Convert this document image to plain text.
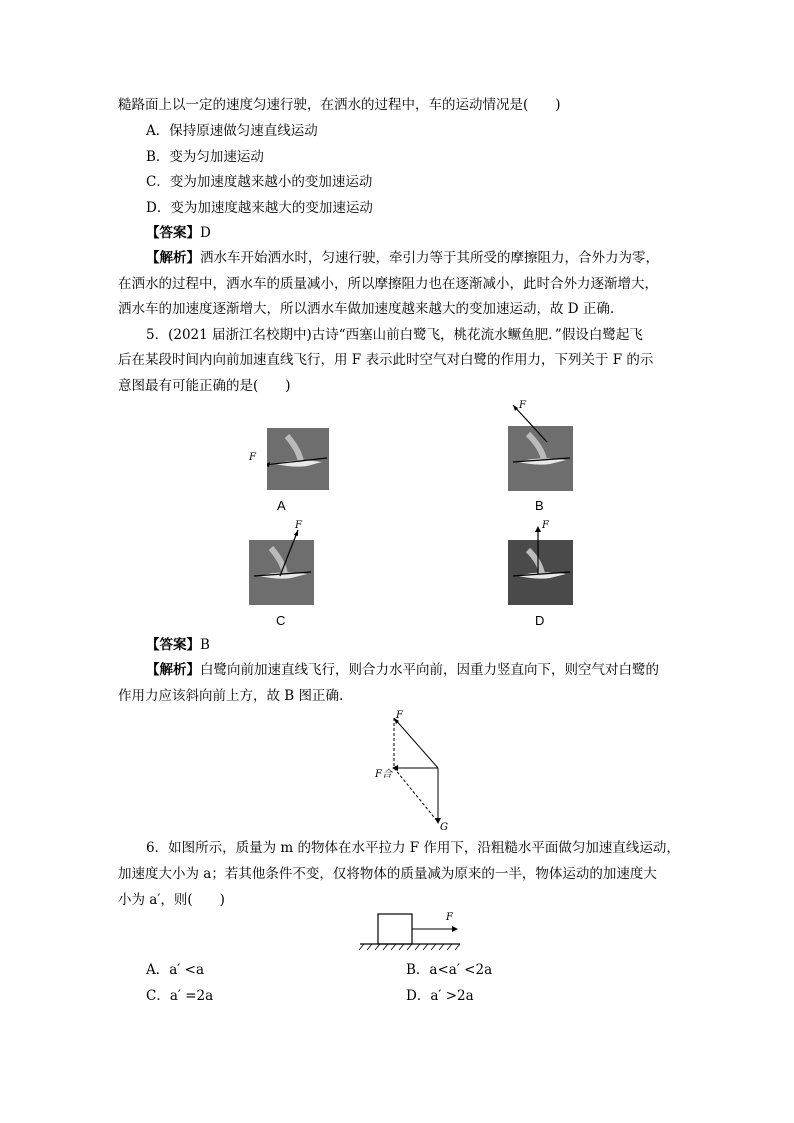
糙路面上以一定的速度匀速行驶，在洒水的过程中，车的运动情况是(　　)
A．保持原速做匀速直线运动
B．变为匀加速运动
C．变为加速度越来越小的变加速运动
D．变为加速度越来越大的变加速运动
【答案】D
【解析】洒水车开始洒水时，匀速行驶，牵引力等于其所受的摩擦阻力，合外力为零，
在洒水的过程中，洒水车的质量减小，所以摩擦阻力也在逐渐减小，此时合外力逐渐增大，
洒水车的加速度逐渐增大，所以洒水车做加速度越来越大的变加速运动，故 D 正确.
5．(2021 届浙江名校期中)古诗“西塞山前白鹭飞，桃花流水鳜鱼肥．”假设白鹭起飞
后在某段时间内向前加速直线飞行，用 F 表示此时空气对白鹭的作用力，下列关于 F 的示
意图最有可能正确的是(　　)
F
A
F
B
F
C
F
D
【答案】B
【解析】白鹭向前加速直线飞行，则合力水平向前，因重力竖直向下，则空气对白鹭的
作用力应该斜向前上方，故 B 图正确.
F
F合
G
6．如图所示，质量为 m 的物体在水平拉力 F 作用下，沿粗糙水平面做匀加速直线运动，
加速度大小为 a；若其他条件不变，仅将物体的质量减为原来的一半，物体运动的加速度大
小为 a′，则(　　)
F
A．a′ <a	B．a<a′ <2a
C．a′ =2a	D．a′ >2a
